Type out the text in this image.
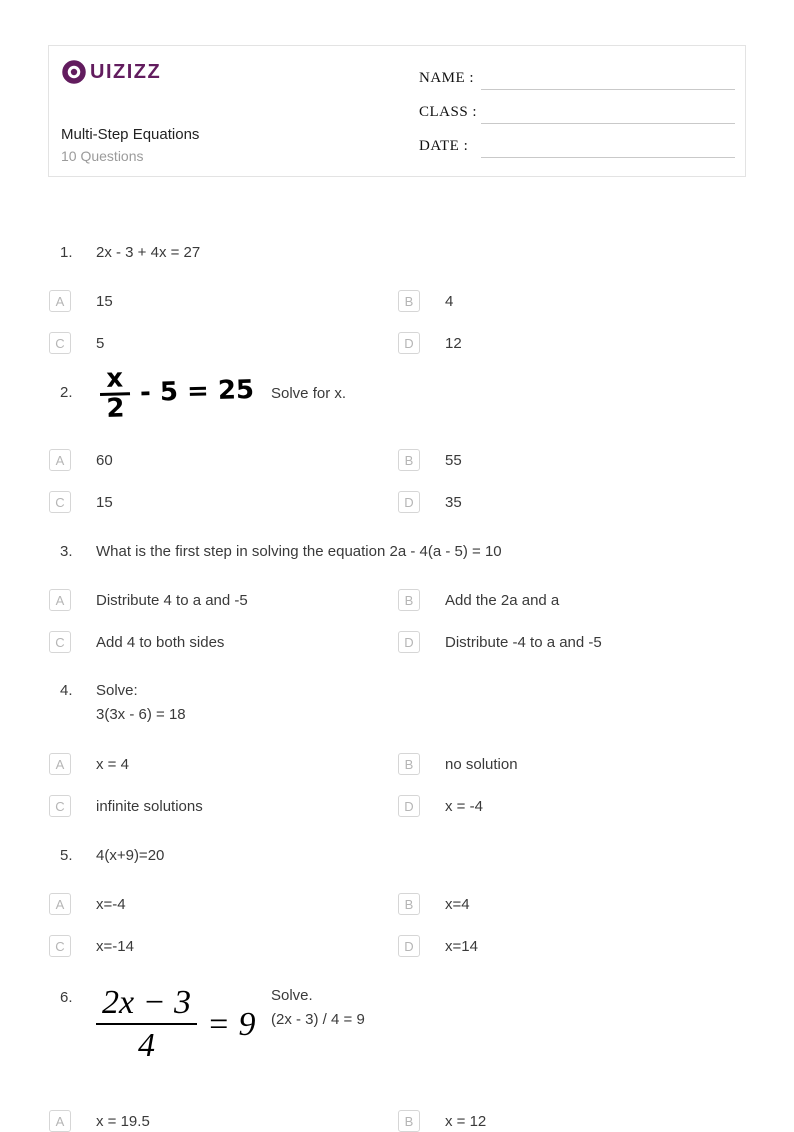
UIZIZZ
Multi-Step Equations
10 Questions
NAME :
CLASS :
DATE :
1.	2x - 3 + 4x = 27
A	15	B	4
C	5	D	12
2.	$\frac{x}{2} - 5 = 25$ Solve for x.
A	60	B	55
C	15	D	35
3.	What is the first step in solving the equation 2a - 4(a - 5) = 10
A	Distribute 4 to a and -5	B	Add the 2a and a
C	Add 4 to both sides	D	Distribute -4 to a and -5
4.	Solve:
3(3x - 6) = 18
A	x = 4	B	no solution
C	infinite solutions	D	x = -4
5.	4(x+9)=20
A	x=-4	B	x=4
C	x=-14	D	x=14
6. $\frac{2x - 3}{4} = 9$
Solve.
(2x - 3) / 4 = 9
A	x = 19.5	B	x = 12
